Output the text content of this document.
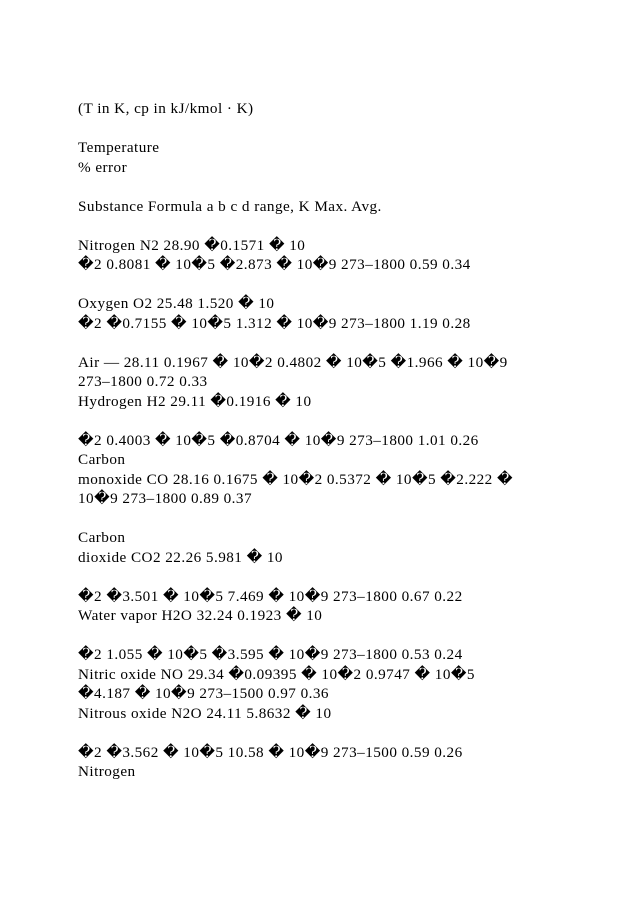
(T in K, cp in kJ/kmol · K)
Temperature
% error
Substance Formula a b c d range, K Max. Avg.
Nitrogen N2 28.90 �0.1571 � 10
�2 0.8081 � 10�5 �2.873 � 10�9 273–1800 0.59 0.34
Oxygen O2 25.48 1.520 � 10
�2 �0.7155 � 10�5 1.312 � 10�9 273–1800 1.19 0.28
Air — 28.11 0.1967 � 10�2 0.4802 � 10�5 �1.966 � 10�9
273–1800 0.72 0.33
Hydrogen H2 29.11 �0.1916 � 10
�2 0.4003 � 10�5 �0.8704 � 10�9 273–1800 1.01 0.26
Carbon
monoxide CO 28.16 0.1675 � 10�2 0.5372 � 10�5 �2.222 �
10�9 273–1800 0.89 0.37
Carbon
dioxide CO2 22.26 5.981 � 10
�2 �3.501 � 10�5 7.469 � 10�9 273–1800 0.67 0.22
Water vapor H2O 32.24 0.1923 � 10
�2 1.055 � 10�5 �3.595 � 10�9 273–1800 0.53 0.24
Nitric oxide NO 29.34 �0.09395 � 10�2 0.9747 � 10�5
�4.187 � 10�9 273–1500 0.97 0.36
Nitrous oxide N2O 24.11 5.8632 � 10
�2 �3.562 � 10�5 10.58 � 10�9 273–1500 0.59 0.26
Nitrogen
